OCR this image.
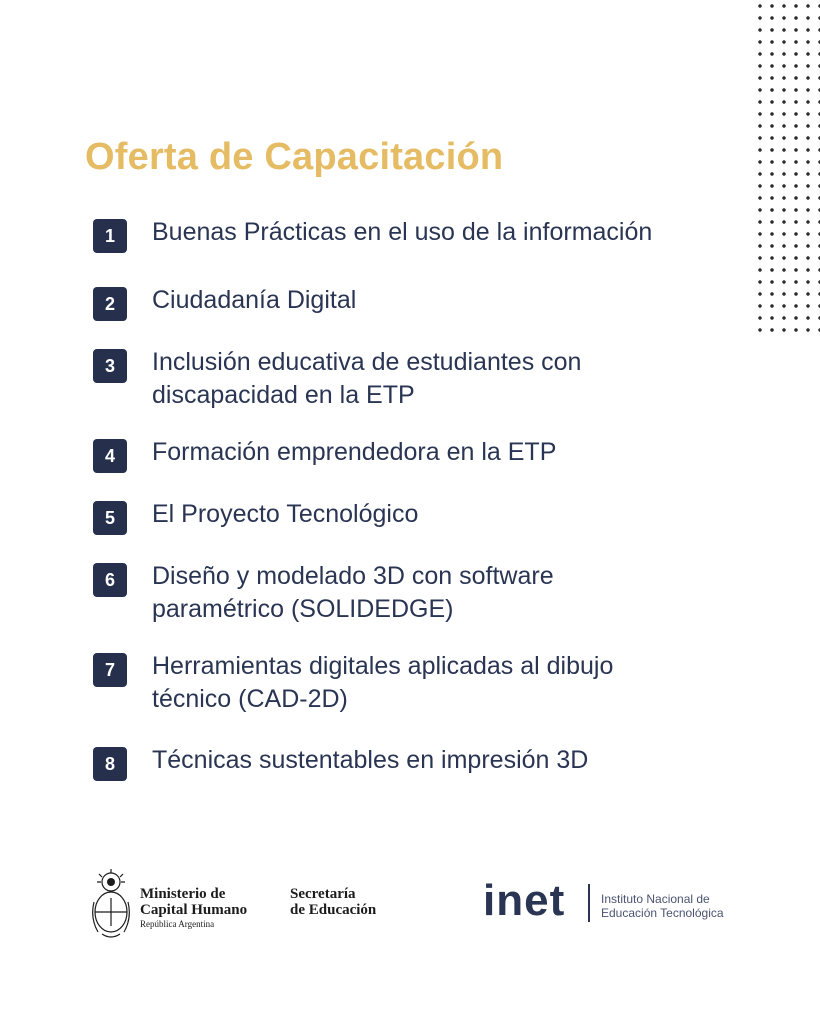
Oferta de Capacitación
1	Buenas Prácticas en el uso de la información
2	Ciudadanía Digital
3	Inclusión educativa de estudiantes con
discapacidad en la ETP
4	Formación emprendedora en la ETP
5	El Proyecto Tecnológico
6	Diseño y modelado 3D con software
paramétrico (SOLIDEDGE)
7	Herramientas digitales aplicadas al dibujo
técnico (CAD-2D)
8	Técnicas sustentables en impresión 3D
Ministerio de
Capital Humano
República Argentina
Secretaría
de Educación inet	Instituto Nacional de
Educación Tecnológica
